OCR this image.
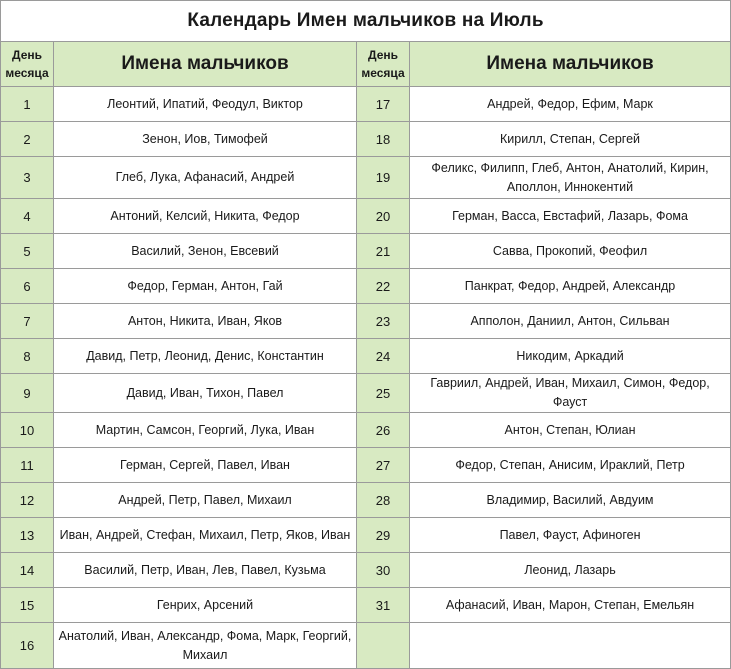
Календарь Имен мальчиков на Июль			
День месяца	Имена мальчиков	День месяца	Имена мальчиков
1	Леонтий, Ипатий, Феодул, Виктор	17	Андрей, Федор, Ефим, Марк
2	Зенон, Иов, Тимофей	18	Кирилл, Степан, Сергей
3	Глеб, Лука, Афанасий, Андрей	19	Феликс, Филипп, Глеб, Антон, Анатолий, Кирин, Аполлон, Иннокентий
4	Антоний, Келсий, Никита, Федор	20	Герман, Васса, Евстафий, Лазарь, Фома
5	Василий, Зенон, Евсевий	21	Савва, Прокопий, Феофил
6	Федор, Герман, Антон, Гай	22	Панкрат, Федор, Андрей, Александр
7	Антон, Никита, Иван, Яков	23	Апполон, Даниил, Антон, Сильван
8	Давид, Петр, Леонид, Денис, Константин	24	Никодим, Аркадий
9	Давид, Иван, Тихон, Павел	25	Гавриил, Андрей, Иван, Михаил, Симон, Федор, Фауст
10	Мартин, Самсон, Георгий, Лука, Иван	26	Антон, Степан, Юлиан
11	Герман, Сергей, Павел, Иван	27	Федор, Степан, Анисим, Ираклий, Петр
12	Андрей, Петр, Павел, Михаил	28	Владимир, Василий, Авдуим
13	Иван, Андрей, Стефан, Михаил, Петр, Яков, Иван	29	Павел, Фауст, Афиноген
14	Василий, Петр, Иван, Лев, Павел, Кузьма	30	Леонид, Лазарь
15	Генрих, Арсений	31	Афанасий, Иван, Марон, Степан, Емельян
16	Анатолий, Иван, Александр, Фома, Марк, Георгий, Михаил		
